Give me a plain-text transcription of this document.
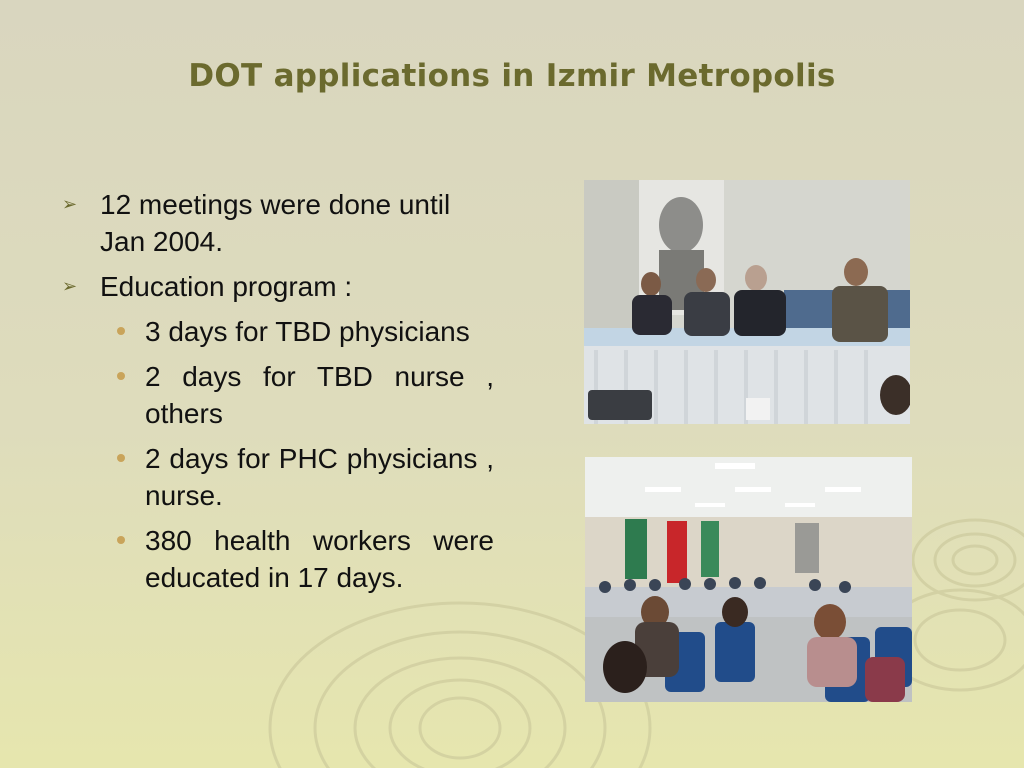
DOT applications in Izmir Metropolis
➢ 12 meetings were done until Jan 2004.
➢ Education program :
3 days for TBD physicians
2 days for TBD nurse , others
2 days for PHC physicians , nurse.
380 health workers were educated in 17 days.
